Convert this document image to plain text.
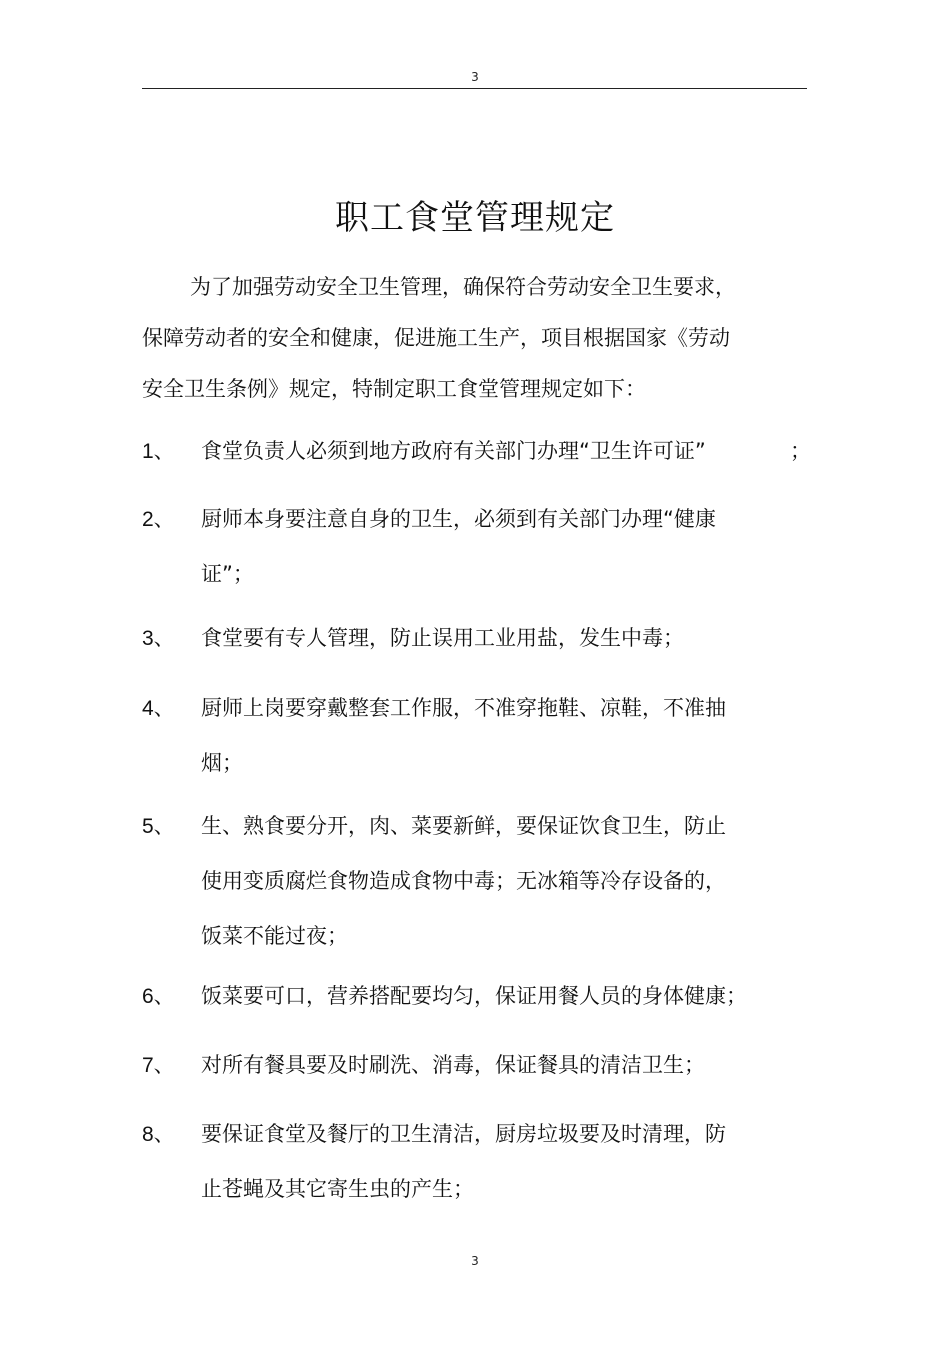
3
职工食堂管理规定
为了加强劳动安全卫生管理，确保符合劳动安全卫生要求，
保障劳动者的安全和健康，促进施工生产，项目根据国家《劳动
安全卫生条例》规定，特制定职工食堂管理规定如下：
1、	食堂负责人必须到地方政府有关部门办理“卫生许可证”	；
2、	厨师本身要注意自身的卫生，必须到有关部门办理“健康
证”；
3、	食堂要有专人管理，防止误用工业用盐，发生中毒；
4、	厨师上岗要穿戴整套工作服，不准穿拖鞋、凉鞋，不准抽
烟；
5、	生、熟食要分开，肉、菜要新鲜，要保证饮食卫生，防止
使用变质腐烂食物造成食物中毒；无冰箱等冷存设备的，
饭菜不能过夜；
6、	饭菜要可口，营养搭配要均匀，保证用餐人员的身体健康；
7、	对所有餐具要及时刷洗、消毒，保证餐具的清洁卫生；
8、	要保证食堂及餐厅的卫生清洁，厨房垃圾要及时清理，防
止苍蝇及其它寄生虫的产生；
3
